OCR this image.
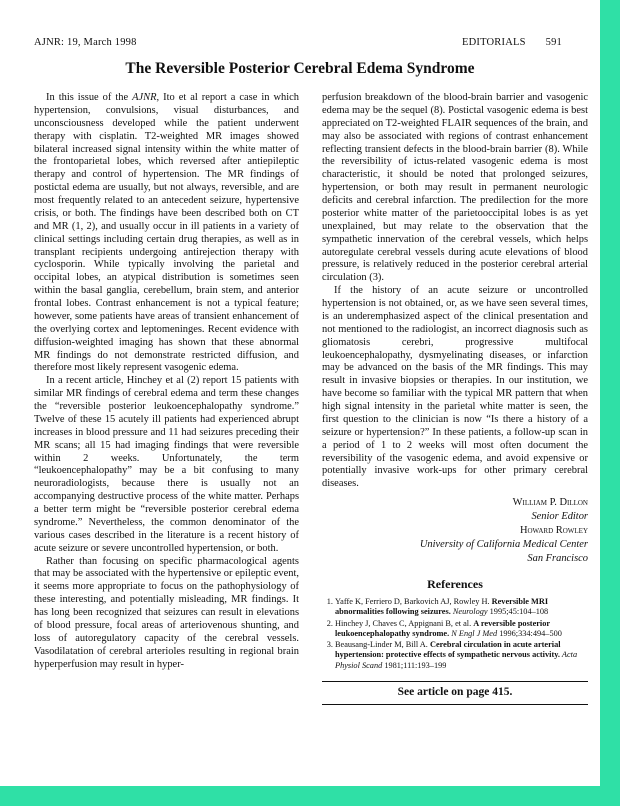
AJNR: 19, March 1998	EDITORIALS 591
The Reversible Posterior Cerebral Edema Syndrome

In this issue of the AJNR, Ito et al report a case in which hypertension, convulsions, visual disturbances, and unconsciousness developed while the patient underwent therapy with cisplatin. T2-weighted MR images showed bilateral increased signal intensity within the white matter of the frontoparietal lobes, which reversed after antiepileptic therapy and control of hypertension. The MR findings of postictal edema are usually, but not always, reversible, and are most frequently related to an antecedent seizure, hypertensive crisis, or both. The findings have been described both on CT and MR (1, 2), and usually occur in ill patients in a variety of clinical settings including certain drug therapies, as well as in transplant recipients undergoing antirejection therapy with cyclosporin. While typically involving the parietal and occipital lobes, an atypical distribution is sometimes seen within the basal ganglia, cerebellum, brain stem, and anterior frontal lobes. Contrast enhancement is not a typical feature; however, some patients have areas of transient enhancement of the overlying cortex and leptomeninges. Recent evidence with diffusion-weighted imaging has shown that these abnormal MR findings do not demonstrate restricted diffusion, and therefore most likely represent vasogenic edema.

In a recent article, Hinchey et al (2) report 15 patients with similar MR findings of cerebral edema and term these changes the “reversible posterior leukoencephalopathy syndrome.” Twelve of these 15 acutely ill patients had experienced abrupt increases in blood pressure and 11 had seizures preceding their MR scans; all 15 had imaging findings that were reversible within 2 weeks. Unfortunately, the term “leukoencephalopathy” may be a bit confusing to many neuroradiologists, because there is usually not an accompanying destructive process of the white matter. Perhaps a better term might be “reversible posterior cerebral edema syndrome.” Nevertheless, the common denominator of the various cases described in the literature is a recent history of acute seizure or severe uncontrolled hypertension, or both.

Rather than focusing on specific pharmacological agents that may be associated with the hypertensive or epileptic event, it seems more appropriate to focus on the pathophysiology of these interesting, and potentially misleading, MR findings. It has long been recognized that seizures can result in elevations of blood pressure, focal areas of arteriovenous shunting, and loss of autoregulatory capacity of the cerebral vessels. Vasodilatation of cerebral arterioles resulting in regional brain hyperperfusion may result in hyper-

perfusion breakdown of the blood-brain barrier and vasogenic edema may be the sequel (8). Postictal vasogenic edema is best appreciated on T2-weighted FLAIR sequences of the brain, and may also be associated with regions of contrast enhancement reflecting transient defects in the blood-brain barrier (8). While the reversibility of ictus-related vasogenic edema is most characteristic, it should be noted that prolonged seizures, hypertension, or both may result in permanent neurologic deficits and cerebral infarction. The predilection for the more posterior white matter of the parietooccipital lobes is as yet unexplained, but may relate to the observation that the sympathetic innervation of the cerebral vessels, which helps autoregulate cerebral vessels during acute elevations of blood pressure, is relatively reduced in the posterior cerebral arterial circulation (3).

If the history of an acute seizure or uncontrolled hypertension is not obtained, or, as we have seen several times, is an underemphasized aspect of the clinical presentation and not mentioned to the radiologist, an incorrect diagnosis such as gliomatosis cerebri, progressive multifocal leukoencephalopathy, dysmyelinating diseases, or infarction may be advanced on the basis of the MR findings. This may result in invasive biopsies or therapies. In our institution, we have become so familiar with the typical MR pattern that when high signal intensity in the parietal white matter is seen, the first question to the clinician is now “Is there a history of a seizure or hypertension?” In these patients, a follow-up scan in a period of 1 to 2 weeks will most often document the reversibility of the vasogenic edema, and avoid expensive or potentially invasive work-ups for other primary cerebral diseases.

William P. Dillon
Senior Editor
Howard Rowley
University of California Medical Center
San Francisco
References
1. Yaffe K, Ferriero D, Barkovich AJ, Rowley H. Reversible MRI abnormalities following seizures. Neurology 1995;45:104–108
2. Hinchey J, Chaves C, Appignani B, et al. A reversible posterior leukoencephalopathy syndrome. N Engl J Med 1996;334:494–500
3. Beausang-Linder M, Bill A. Cerebral circulation in acute arterial hypertension: protective effects of sympathetic nervous activity. Acta Physiol Scand 1981;111:193–199
See article on page 415.
